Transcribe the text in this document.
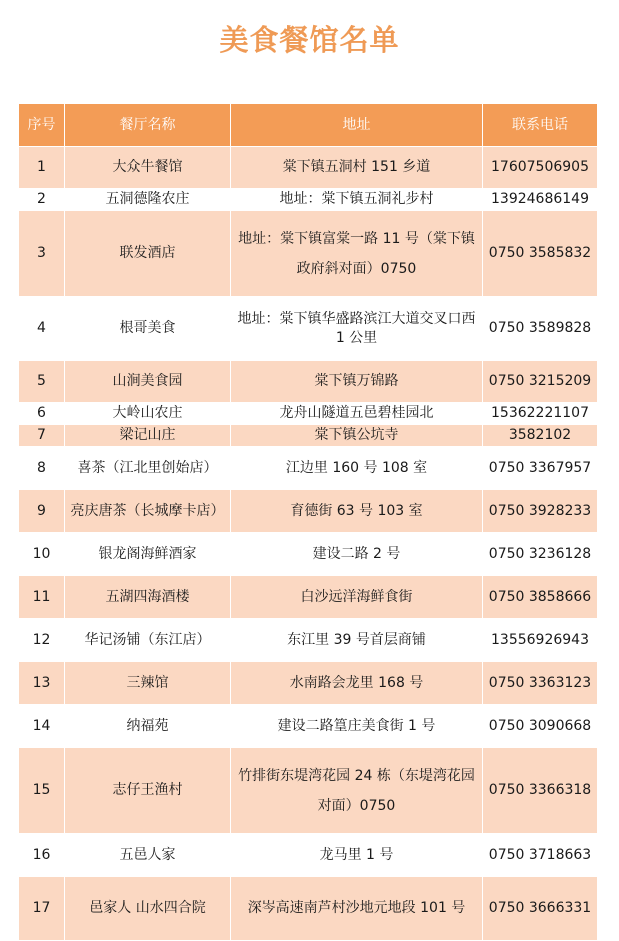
美食餐馆名单
序号	餐厅名称	地址	联系电话
1	大众牛餐馆	棠下镇五洞村 151 乡道	17607506905
2	五洞德隆农庄	地址：棠下镇五洞礼步村	13924686149
3	联发酒店	地址：棠下镇富棠一路 11 号（棠下镇政府斜对面）0750	0750 3585832
4	根哥美食	地址：棠下镇华盛路滨江大道交叉口西 1 公里	0750 3589828
5	山涧美食园	棠下镇万锦路	0750 3215209
6	大岭山农庄	龙舟山隧道五邑碧桂园北	15362221107
7	梁记山庄	棠下镇公坑寺	3582102
8	喜茶（江北里创始店）	江边里 160 号 108 室	0750 3367957
9	亮庆唐茶（长城摩卡店）	育德街 63 号 103 室	0750 3928233
10	银龙阁海鲜酒家	建设二路 2 号	0750 3236128
11	五湖四海酒楼	白沙远洋海鲜食街	0750 3858666
12	华记汤铺（东江店）	东江里 39 号首层商铺	13556926943
13	三辣馆	水南路会龙里 168 号	0750 3363123
14	纳福苑	建设二路篁庄美食街 1 号	0750 3090668
15	志仔王渔村	竹排街东堤湾花园 24 栋（东堤湾花园对面）0750	0750 3366318
16	五邑人家	龙马里 1 号	0750 3718663
17	邑家人 山水四合院	深岑高速南芦村沙地元地段 101 号	0750 3666331
